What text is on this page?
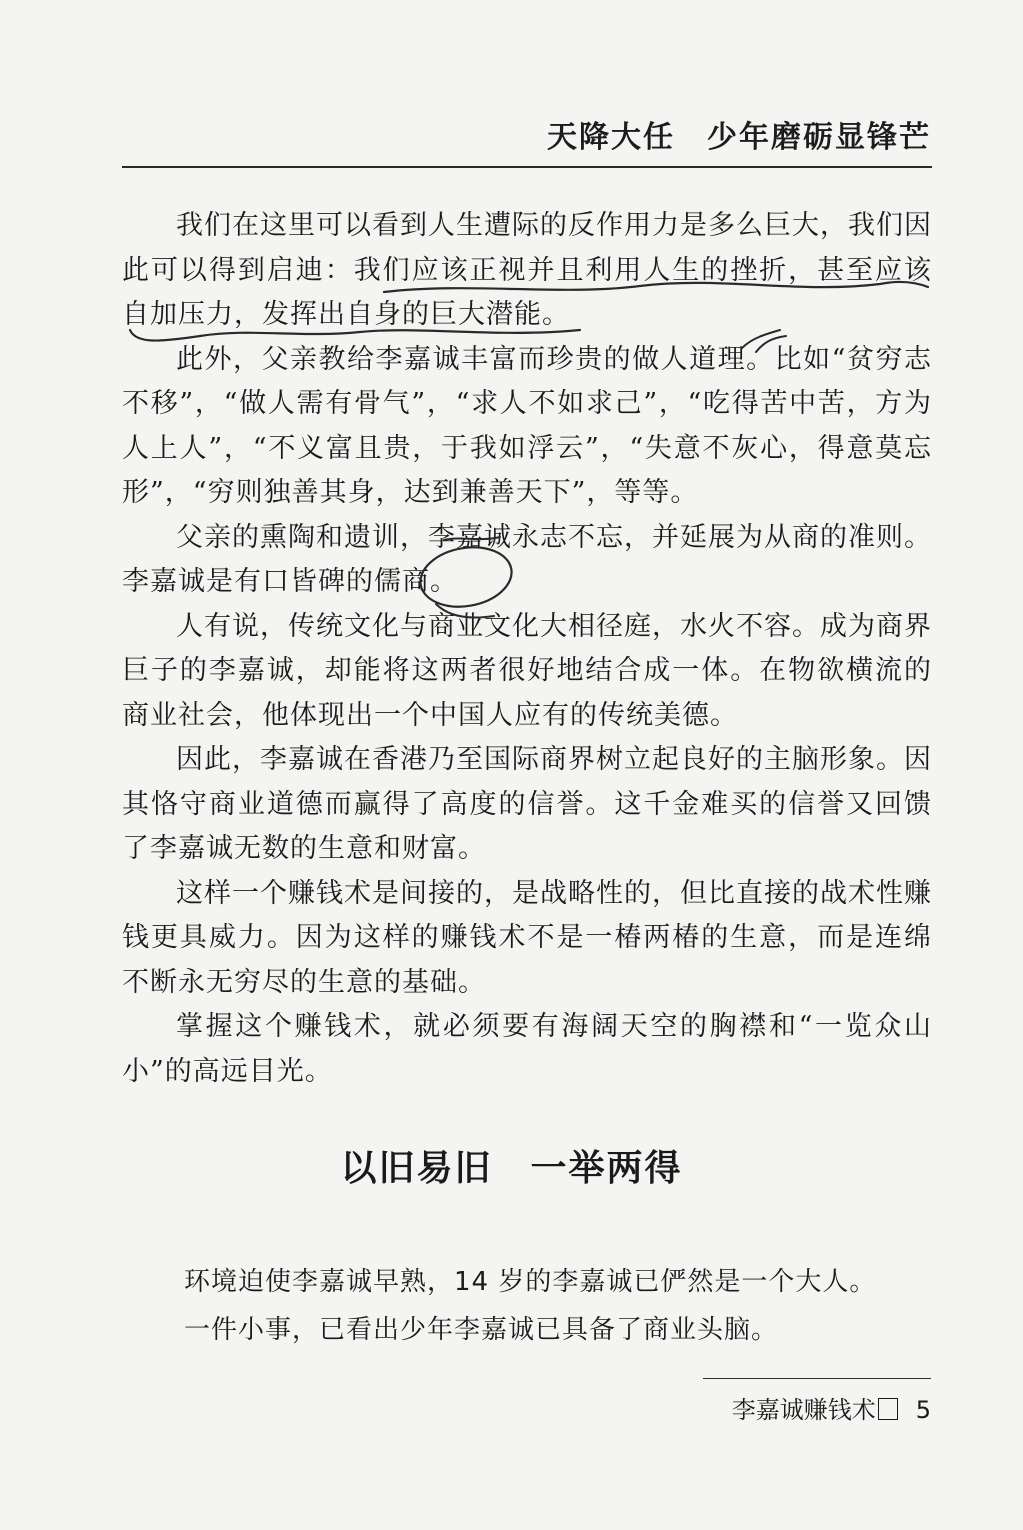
天降大任　少年磨砺显锋芒

我们在这里可以看到人生遭际的反作用力是多么巨大，我们因此可以得到启迪：我们应该正视并且利用人生的挫折，甚至应该自加压力，发挥出自身的巨大潜能。

此外，父亲教给李嘉诚丰富而珍贵的做人道理。比如“贫穷志不移”，“做人需有骨气”，“求人不如求己”，“吃得苦中苦，方为人上人”，“不义富且贵，于我如浮云”，“失意不灰心，得意莫忘形”，“穷则独善其身，达到兼善天下”，等等。

父亲的熏陶和遗训，李嘉诚永志不忘，并延展为从商的准则。李嘉诚是有口皆碑的儒商。

人有说，传统文化与商业文化大相径庭，水火不容。成为商界巨子的李嘉诚，却能将这两者很好地结合成一体。在物欲横流的商业社会，他体现出一个中国人应有的传统美德。

因此，李嘉诚在香港乃至国际商界树立起良好的主脑形象。因其恪守商业道德而赢得了高度的信誉。这千金难买的信誉又回馈了李嘉诚无数的生意和财富。

这样一个赚钱术是间接的，是战略性的，但比直接的战术性赚钱更具威力。因为这样的赚钱术不是一椿两椿的生意，而是连绵不断永无穷尽的生意的基础。

掌握这个赚钱术，就必须要有海阔天空的胸襟和“一览众山小”的高远目光。

以旧易旧　一举两得
环境迫使李嘉诚早熟，14 岁的李嘉诚已俨然是一个大人。
一件小事，已看出少年李嘉诚已具备了商业头脑。
李嘉诚赚钱术 5
